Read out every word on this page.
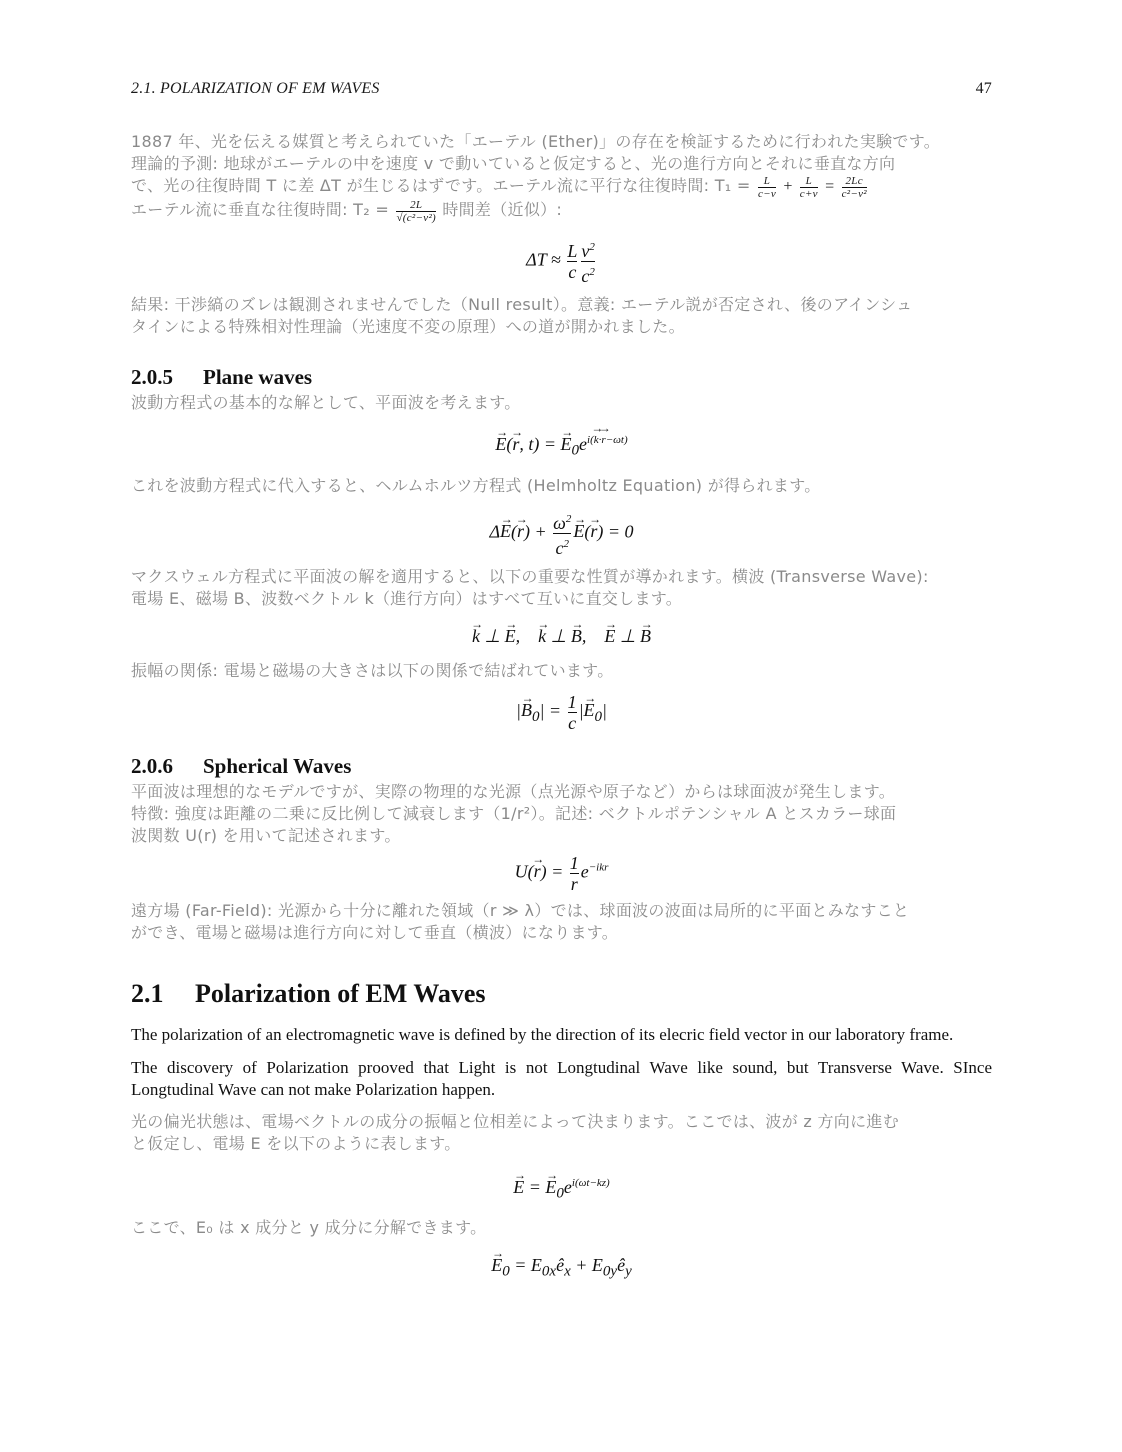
2.1. POLARIZATION OF EM WAVES	47

1887 年、光を伝える媒質と考えられていた「エーテル (Ether)」の存在を検証するために行われた実験です。

理論的予測: 地球がエーテルの中を速度 v で動いていると仮定すると、光の進行方向とそれに垂直な方向

で、光の往復時間 T に差 ΔT が生じるはずです。エーテル流に平行な往復時間: $T_1 = \frac{L}{c-v} + \frac{L}{c+v} = \frac{2Lc}{\text{c²−v²}}$

エーテル流に垂直な往復時間: $T_2 = \frac{2L}{\text{√(c²−v²)}}$ 時間差（近似）:

$\Delta T \approx \frac{L}{c} \frac{v^2}{c^2}$

結果: 干渉縞のズレは観測されませんでした（Null result）。意義: エーテル説が否定され、後のアインシュ

タインによる特殊相対性理論（光速度不変の原理）への道が開かれました。

2.0.5 Plane waves

波動方程式の基本的な解として、平面波を考えます。

→ E(→ r, t) = → $E_0e^{i(\to k\cdot\to r-\omega t)}$

これを波動方程式に代入すると、ヘルムホルツ方程式 (Helmholtz Equation) が得られます。

$\Delta\to E(\to r) + \frac{\omega^2}{c^2}$
→ E(→ r) = 0

マクスウェル方程式に平面波の解を適用すると、以下の重要な性質が導かれます。横波 (Transverse Wave):

電場 E、磁場 B、波数ベクトル k（進行方向）はすべて互いに直交します。

→ k ⊥ → E,    → k ⊥ → B,    → E ⊥ → B

振幅の関係: 電場と磁場の大きさは以下の関係で結ばれています。

|→ $B_0| = \frac{1}{c}$ |→ $E_0|$
2.0.6 Spherical Waves

平面波は理想的なモデルですが、実際の物理的な光源（点光源や原子など）からは球面波が発生します。

特徴: 強度は距離の二乗に反比例して減衰します（1/r²）。記述: ベクトルポテンシャル A とスカラー球面

波関数 U(r) を用いて記述されます。

$U(\to r) = \frac{1}{r} e^{-ikr}$

遠方場 (Far-Field): 光源から十分に離れた領域（r ≫ λ）では、球面波の波面は局所的に平面とみなすこと

ができ、電場と磁場は進行方向に対して垂直（横波）になります。

2.1 Polarization of EM Waves

The polarization of an electromagnetic wave is defined by the direction of its elecric field vector in our laboratory frame.

The discovery of Polarization prooved that Light is not Longtudinal Wave like sound, but Transverse Wave. SInce Longtudinal Wave can not make Polarization happen.

光の偏光状態は、電場ベクトルの成分の振幅と位相差によって決まります。ここでは、波が z 方向に進む

と仮定し、電場 E を以下のように表します。

→ E = → $E_0e^{i(\omega t-kz)}$

ここで、E₀ は x 成分と y 成分に分解できます。

→ $E_0$ = $E_{0x}ê_x$ + $E_{0y}ê_y$
